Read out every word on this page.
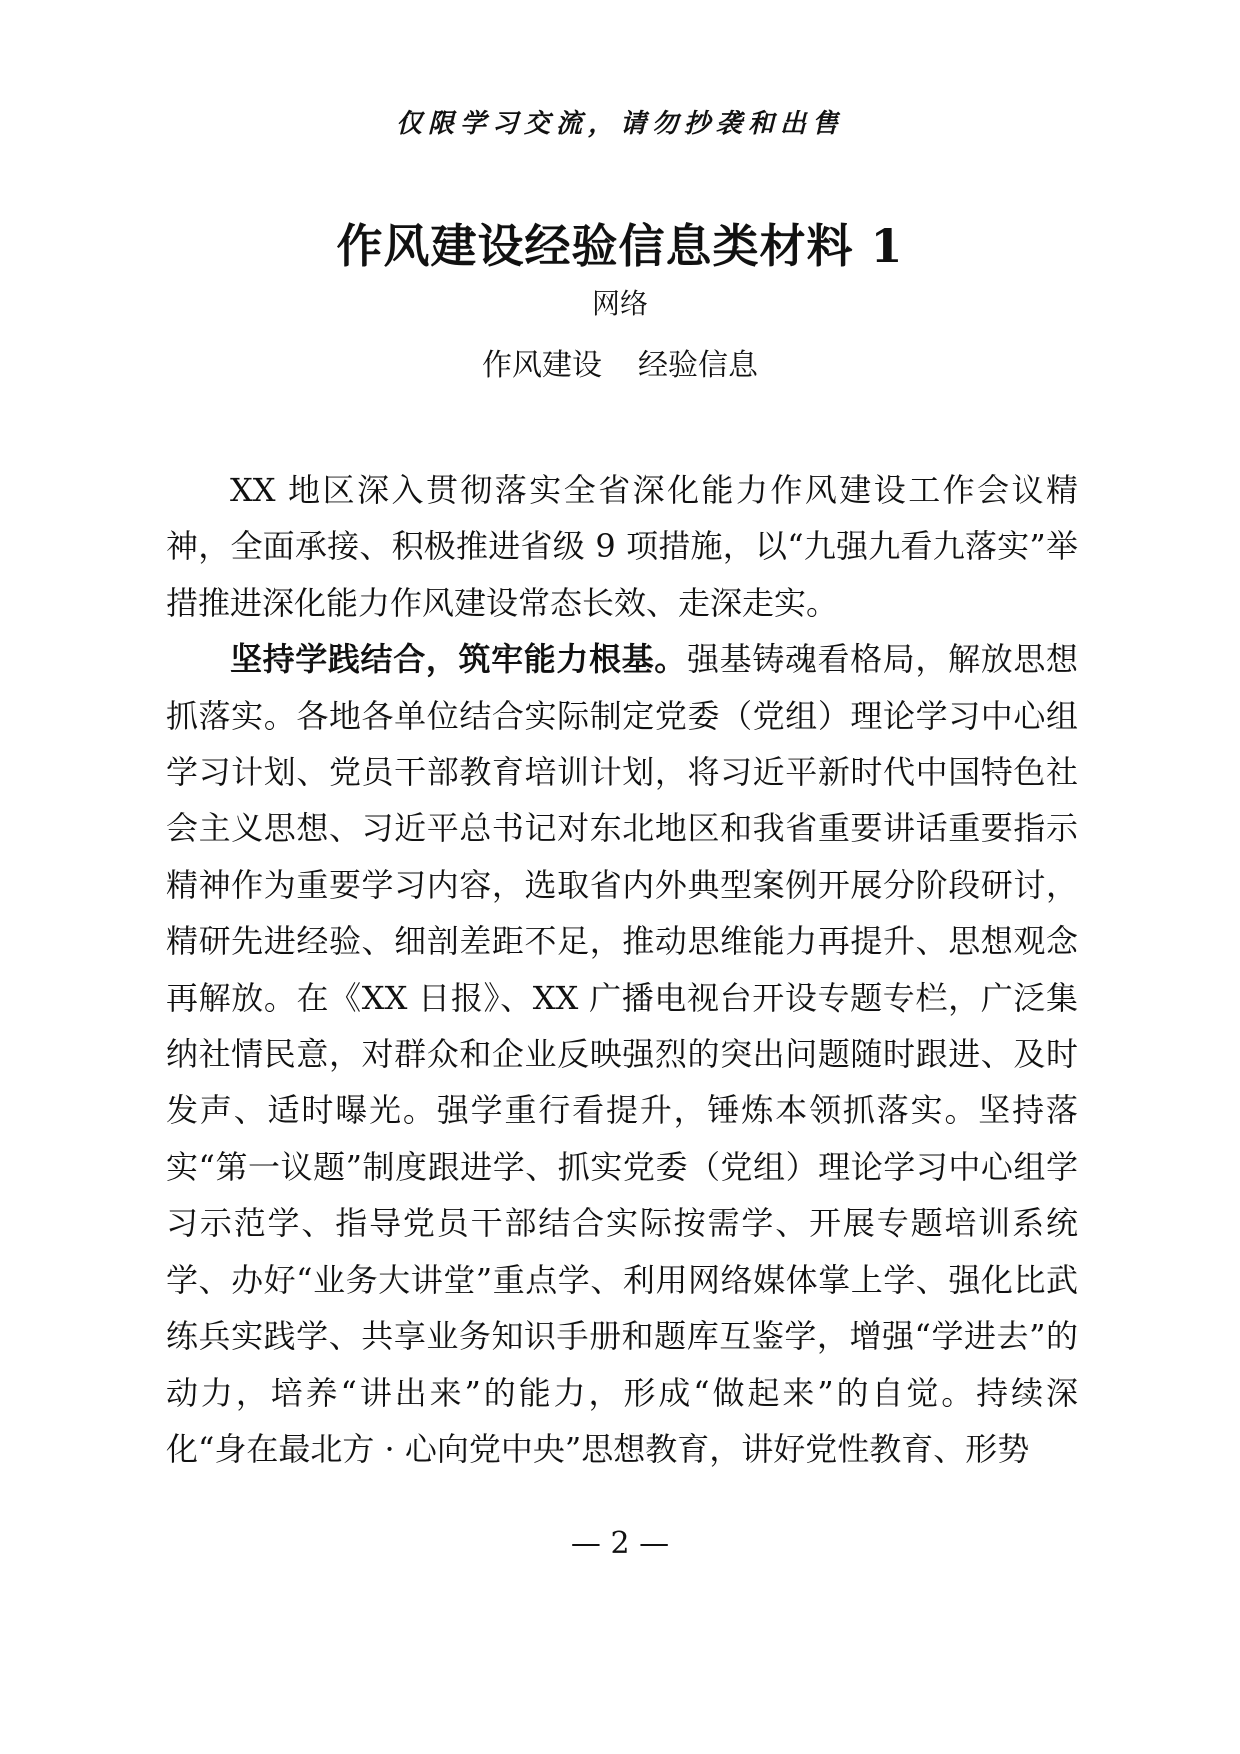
仅限学习交流，请勿抄袭和出售
作风建设经验信息类材料 1
网络
作风建设 经验信息

XX 地区深入贯彻落实全省深化能力作风建设工作会议精神，全面承接、积极推进省级 9 项措施，以“九强九看九落实”举措推进深化能力作风建设常态长效、走深走实。

坚持学践结合，筑牢能力根基。强基铸魂看格局，解放思想抓落实。各地各单位结合实际制定党委（党组）理论学习中心组学习计划、党员干部教育培训计划，将习近平新时代中国特色社会主义思想、习近平总书记对东北地区和我省重要讲话重要指示精神作为重要学习内容，选取省内外典型案例开展分阶段研讨，精研先进经验、细剖差距不足，推动思维能力再提升、思想观念再解放。在《XX 日报》、XX 广播电视台开设专题专栏，广泛集纳社情民意，对群众和企业反映强烈的突出问题随时跟进、及时发声、适时曝光。强学重行看提升，锤炼本领抓落实。坚持落实“第一议题”制度跟进学、抓实党委（党组）理论学习中心组学习示范学、指导党员干部结合实际按需学、开展专题培训系统学、办好“业务大讲堂”重点学、利用网络媒体掌上学、强化比武练兵实践学、共享业务知识手册和题库互鉴学，增强“学进去”的动力，培养“讲出来”的能力，形成“做起来”的自觉。持续深化“身在最北方 · 心向党中央”思想教育，讲好党性教育、形势

— 2 —
